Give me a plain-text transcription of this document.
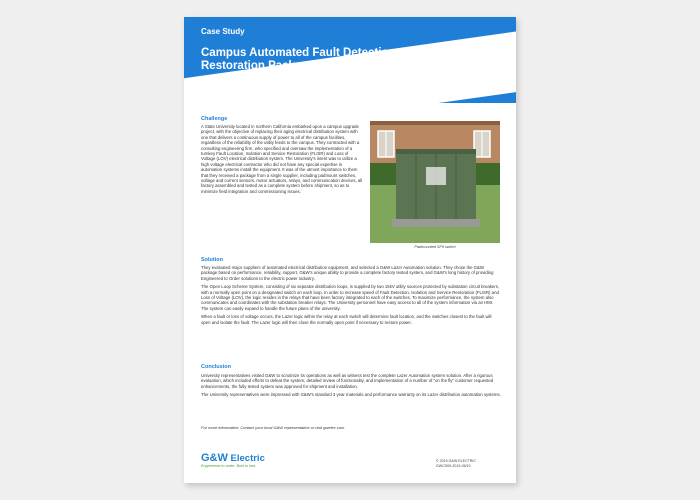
Case Study
Campus Automated Fault Detection, Isolation and Restoration Package
Challenge

A State University located in northern California embarked upon a campus upgrade project, with the objective of replacing their aging electrical distribution system with one that delivers a continuous supply of power to all of the campus facilities, regardless of the reliability of the utility feeds to the campus. They contracted with a consulting engineering firm, who specified and oversaw the implementation of a turnkey Fault Location, Isolation and Service Restoration (FLISR) and Loss of Voltage (LOV) electrical distribution system. The University's intent was to utilize a high voltage electrical contractor who did not have any special expertise in automation systems install the equipment. It was of the utmost importance to them that they received a package from a single supplier, including padmount switches, voltage and current sensors, motor actuators, relays, and communication devices, all factory assembled and tested as a complete system before shipment, so as to minimize field integration and commissioning issues.

Padmounted SF6 switch
Solution

They evaluated major suppliers of automated electrical distribution equipment, and selected a G&W Lazer Automation solution. They chose the G&W package based on performance, reliability, support, G&W's unique ability to provide a complete factory tested system, and G&W's long history of providing Engineered to Order solutions to the electric power industry.

The Open Loop Scheme System, consisting of six separate distribution loops, is supplied by two 15kV utility sources protected by substation circuit breakers, with a normally open point on a designated switch on each loop. In order to increase speed of Fault Detection, Isolation and Service Restoration (FLISR) and Loss of Voltage (LOV), the logic resides in the relays that have been factory integrated to each of the switches. To maximize performance, the system also communicates and coordinates with the substation breaker relays. The University personnel have easy access to all of the system information via an HMI. The system can easily expand to handle the future plans of the university.

When a fault or loss of voltage occurs, the Lazer logic within the relay at each switch will determine fault location, and the switches closest to the fault will open and isolate the fault. The Lazer logic will then close the normally open point if necessary to restore power.

Conclusion

University representatives visited G&W to scrutinize its operations as well as witness test the complete Lazer Automation system solution. After a rigorous evaluation, which included efforts to defeat the system, detailed review of functionality, and implementation of a number of "on the fly" customer requested enhancements, the fully tested system was approved for shipment and installation.

The University representatives were impressed with G&W's standard 3 year materials and performance warranty on its Lazer distribution automation systems.

For more information: Contact your local G&W representative or visit gwelec.com
G&W Electric
Engineered to order. Built to last.
© 2019 G&W ELECTRIC
GWCS09-2019-05/19
